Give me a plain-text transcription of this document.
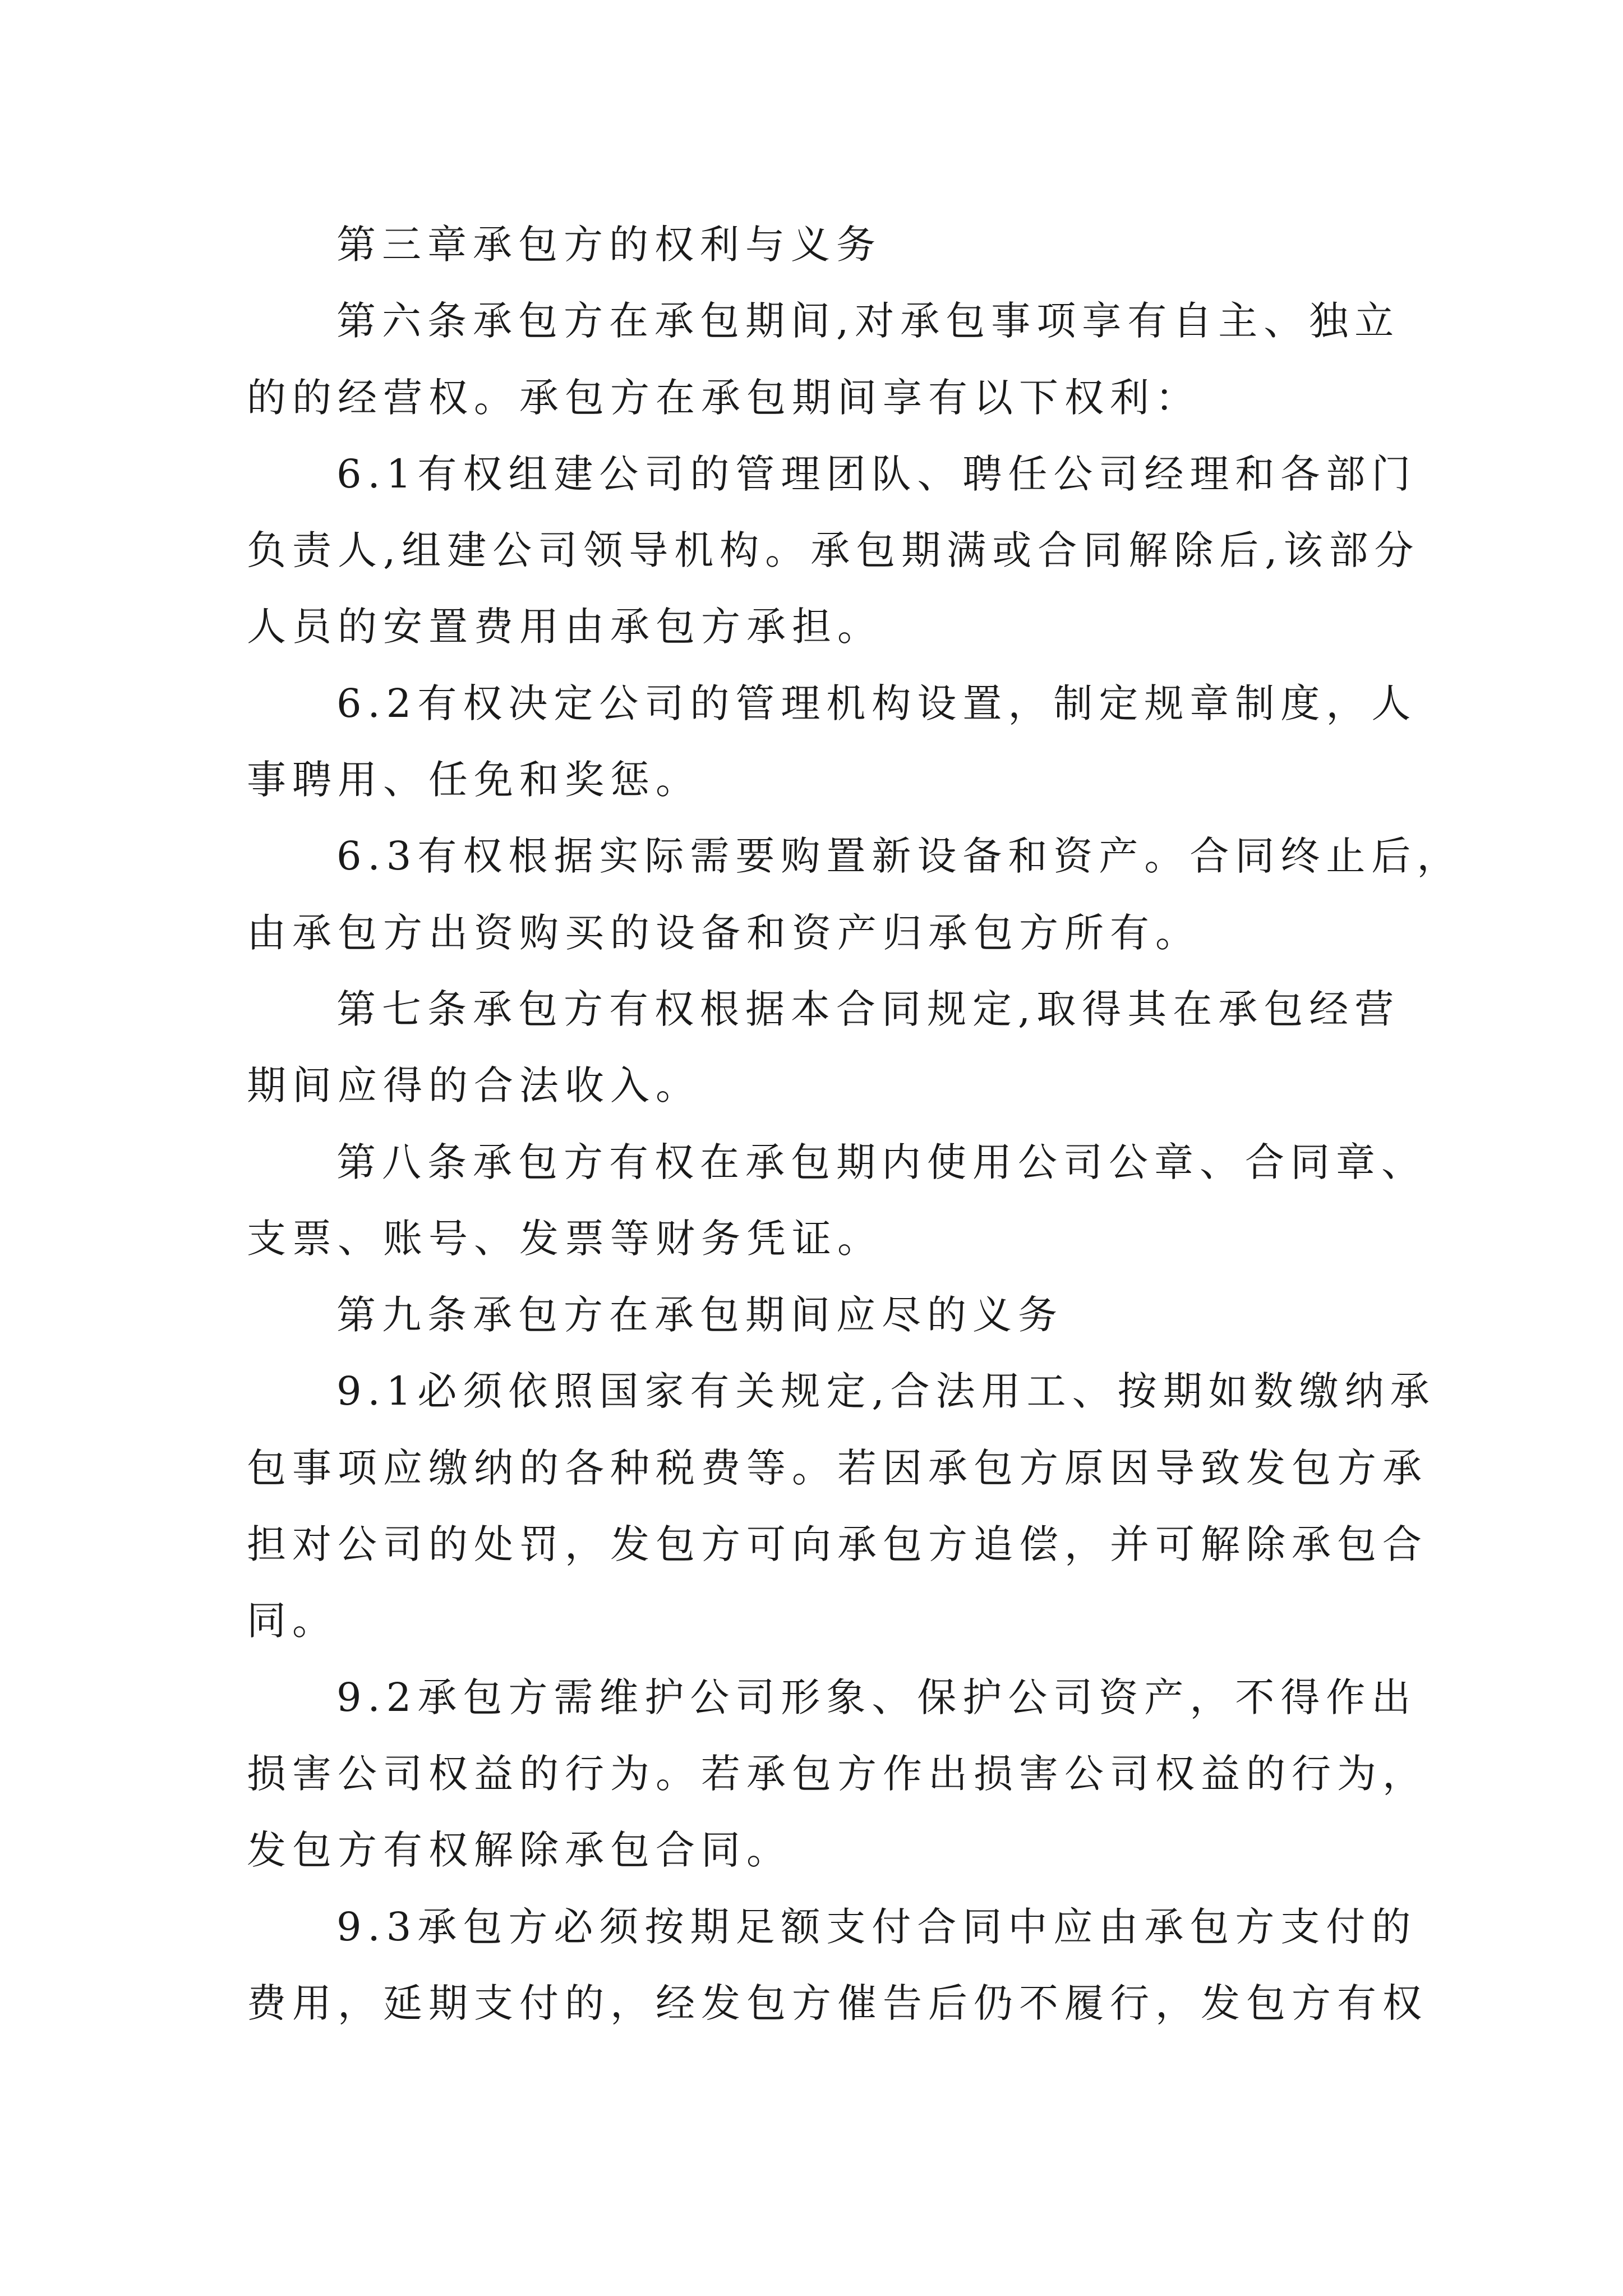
第三章承包方的权利与义务
第六条承包方在承包期间,对承包事项享有自主、独立
的的经营权。承包方在承包期间享有以下权利：
6.1有权组建公司的管理团队、聘任公司经理和各部门
负责人,组建公司领导机构。承包期满或合同解除后,该部分
人员的安置费用由承包方承担。
6.2有权决定公司的管理机构设置，制定规章制度，人
事聘用、任免和奖惩。
6.3有权根据实际需要购置新设备和资产。合同终止后，
由承包方出资购买的设备和资产归承包方所有。
第七条承包方有权根据本合同规定,取得其在承包经营
期间应得的合法收入。
第八条承包方有权在承包期内使用公司公章、合同章、
支票、账号、发票等财务凭证。
第九条承包方在承包期间应尽的义务
9.1必须依照国家有关规定,合法用工、按期如数缴纳承
包事项应缴纳的各种税费等。若因承包方原因导致发包方承
担对公司的处罚，发包方可向承包方追偿，并可解除承包合
同。
9.2承包方需维护公司形象、保护公司资产，不得作出
损害公司权益的行为。若承包方作出损害公司权益的行为，
发包方有权解除承包合同。
9.3承包方必须按期足额支付合同中应由承包方支付的
费用，延期支付的，经发包方催告后仍不履行，发包方有权
